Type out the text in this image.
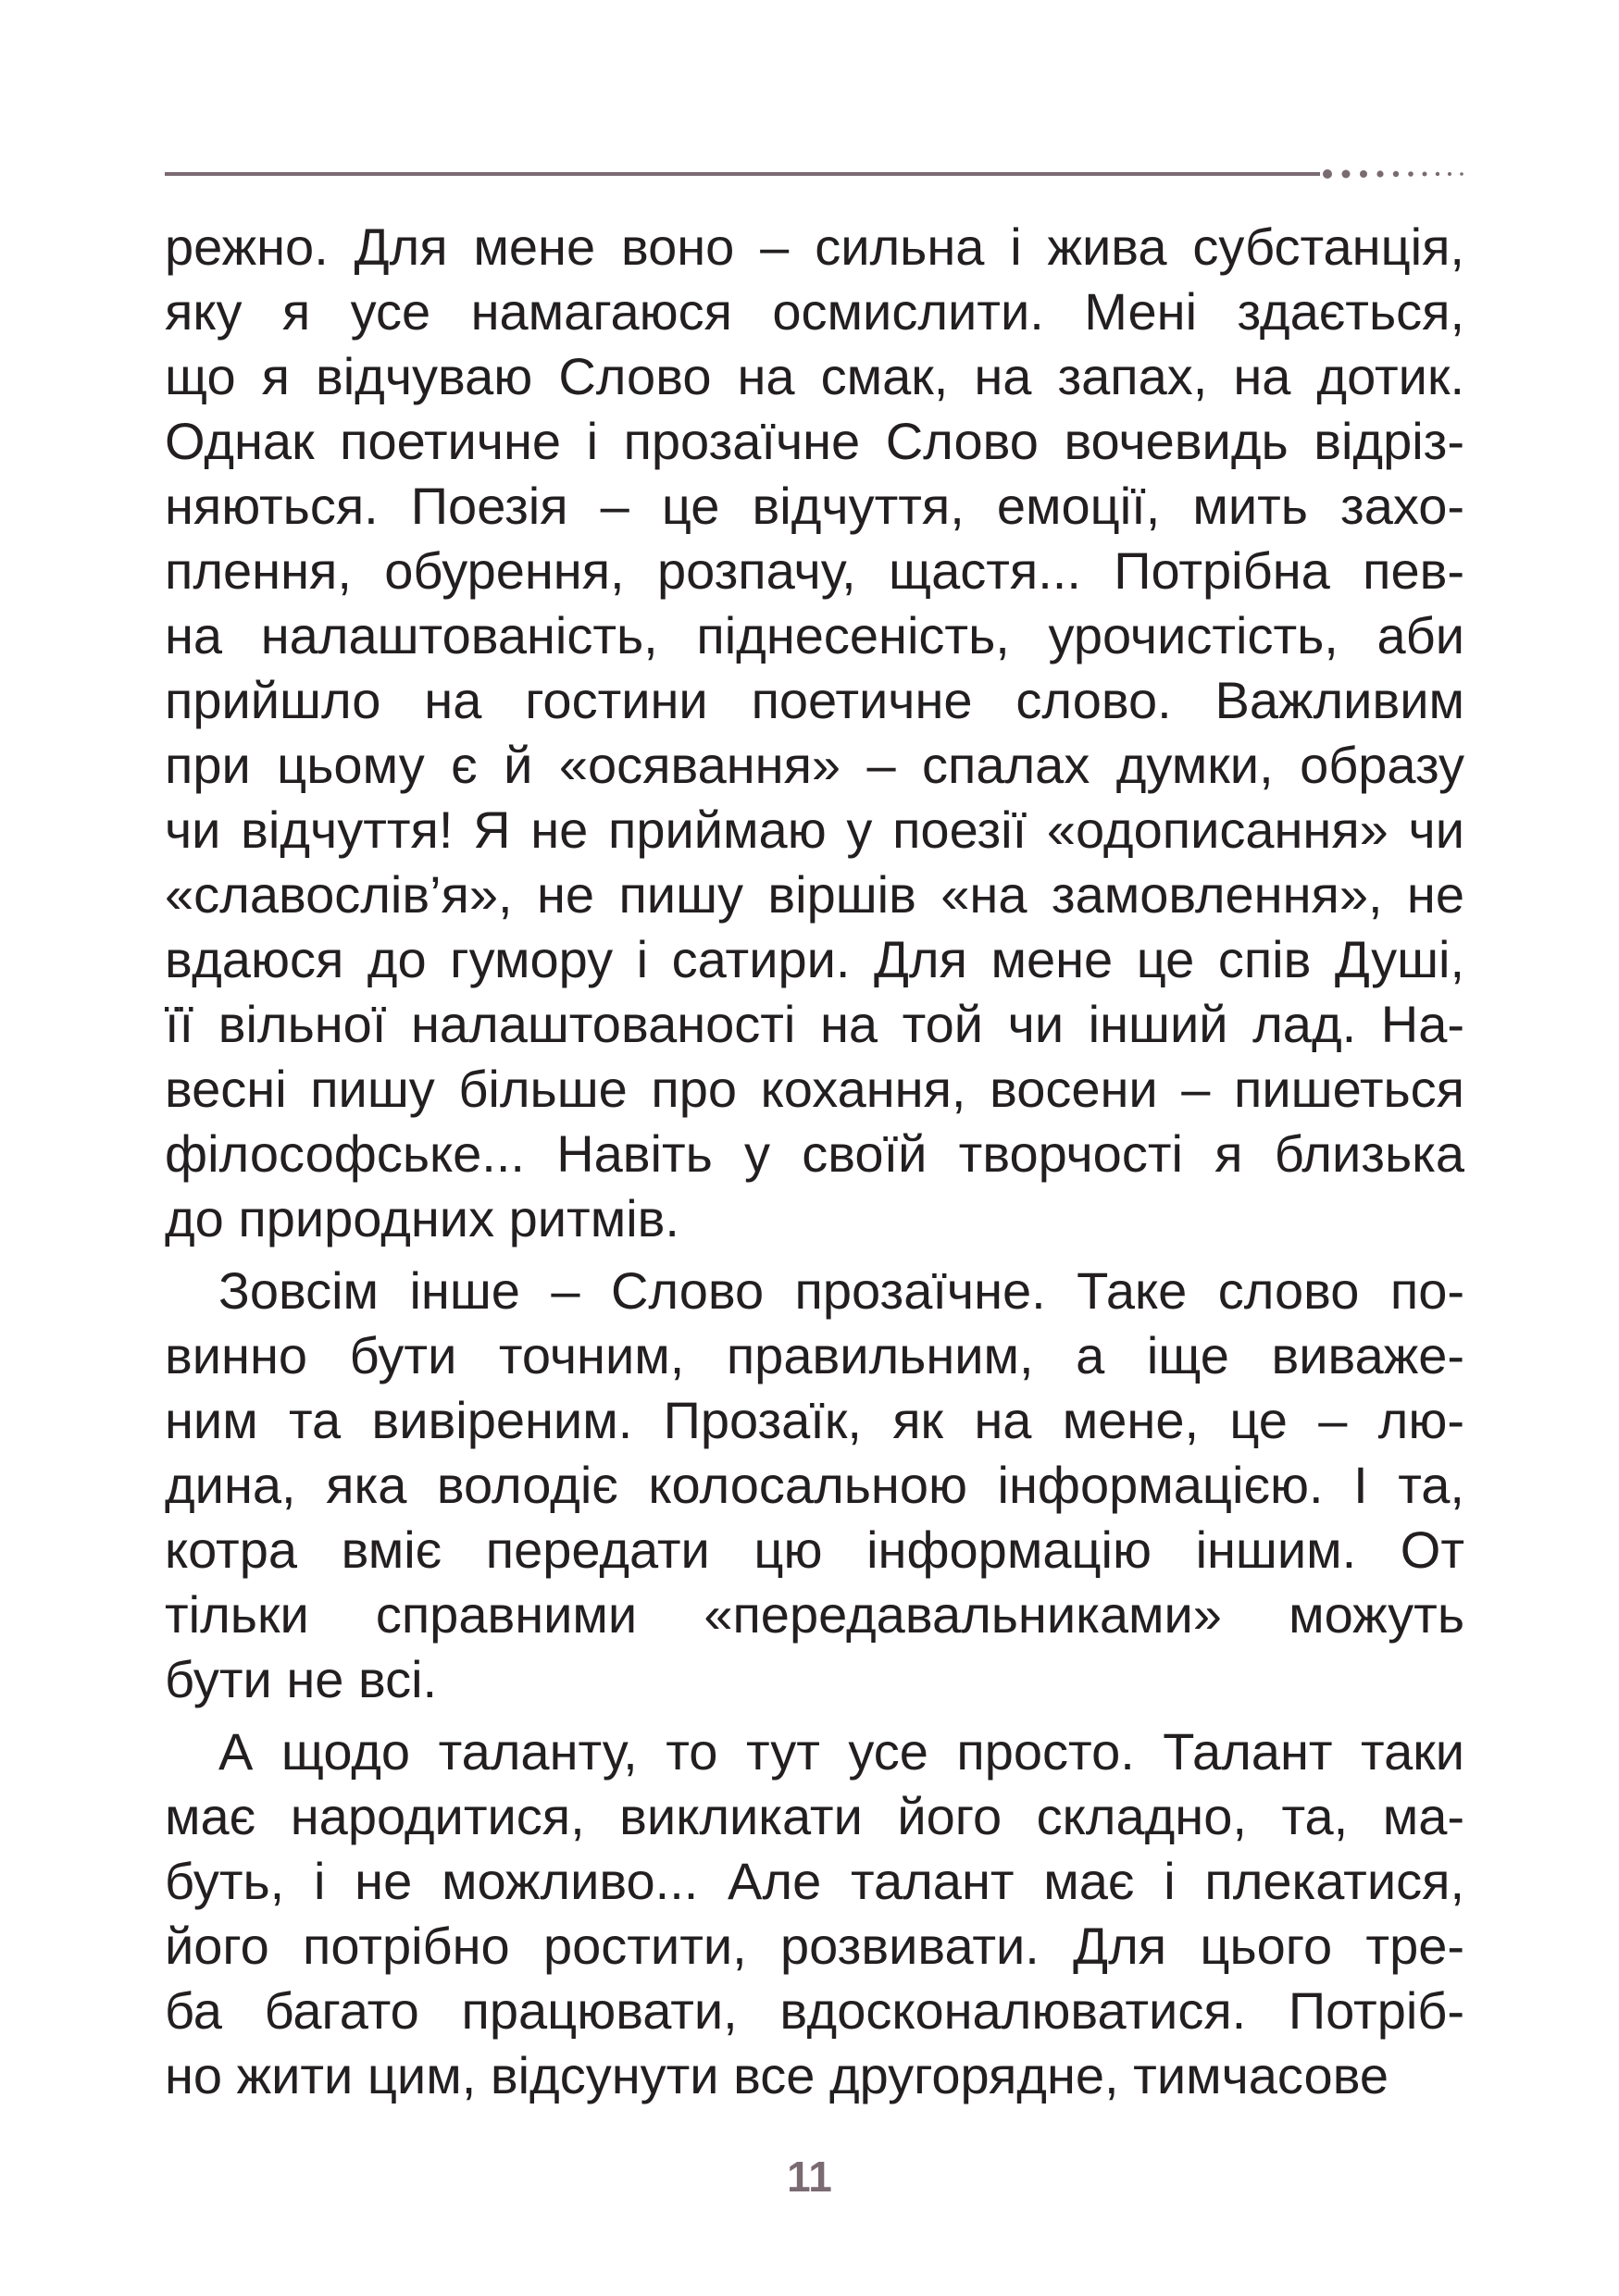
режно. Для мене воно – сильна і жива субстанція,
яку я усе намагаюся осмислити. Мені здається,
що я відчуваю Слово на смак, на запах, на дотик.
Однак поетичне і прозаїчне Слово вочевидь відріз-
няються. Поезія – це відчуття, емоції, мить захо-
плення, обурення, розпачу, щастя... Потрібна пев-
на налаштованість, піднесеність, урочистість, аби
прийшло на гостини поетичне слово. Важливим
при цьому є й «осявання» – спалах думки, образу
чи відчуття! Я не приймаю у поезії «одописання» чи
«славослів’я», не пишу віршів «на замовлення», не
вдаюся до гумору і сатири. Для мене це спів Душі,
її вільної налаштованості на той чи інший лад. На-
весні пишу більше про кохання, восени – пишеться
філософське... Навіть у своїй творчості я близька
до природних ритмів.
Зовсім інше – Слово прозаїчне. Таке слово по-
винно бути точним, правильним, а іще виваже-
ним та вивіреним. Прозаїк, як на мене, це – лю-
дина, яка володіє колосальною інформацією. І та,
котра вміє передати цю інформацію іншим. От
тільки справними «передавальниками» можуть
бути не всі.
А щодо таланту, то тут усе просто. Талант таки
має народитися, викликати його складно, та, ма-
буть, і не можливо... Але талант має і плекатися,
його потрібно ростити, розвивати. Для цього тре-
ба багато працювати, вдосконалюватися. Потріб-
но жити цим, відсунути все другорядне, тимчасове
11
